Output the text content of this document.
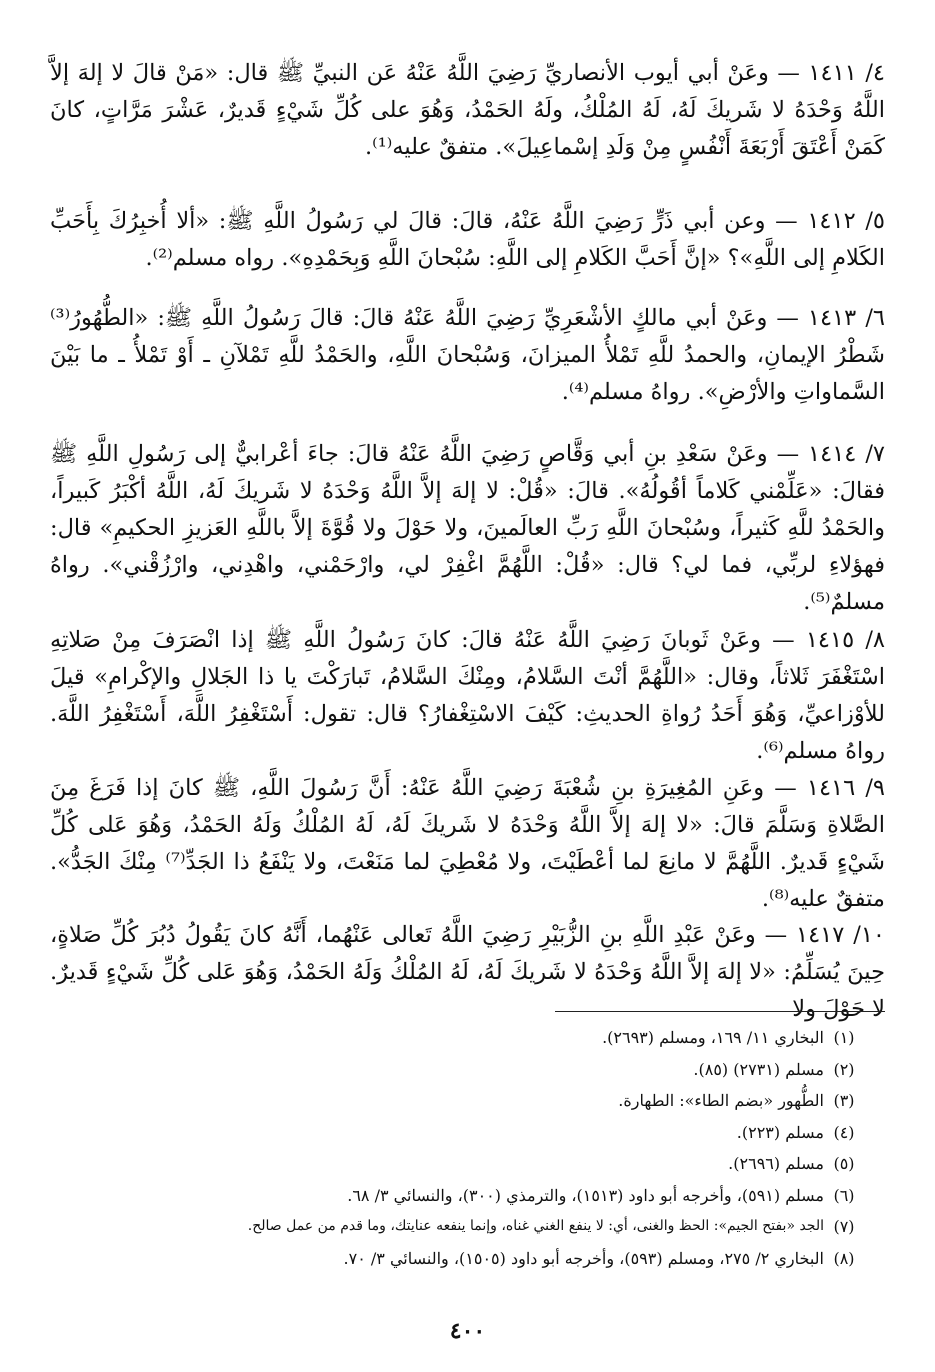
٤/ ١٤١١ — وعَنْ أبي أيوب الأنصاريِّ رَضِيَ اللَّهُ عَنْهُ عَن النبيِّ ﷺ قال: «مَنْ قالَ لا إلهَ إلاَّ اللَّهُ وَحْدَهُ لا شَريكَ لَهُ، لَهُ المُلْكُ، ولَهُ الحَمْدُ، وَهُوَ على كُلِّ شَيْءٍ قَديرٌ، عَشْرَ مَرَّاتٍ، كانَ كَمَنْ أَعْتَقَ أَرْبَعَةَ أَنْفُسٍ مِنْ وَلَدِ إسْماعِيلَ». متفقٌ عليه⁽¹⁾.

٥/ ١٤١٢ — وعن أبي ذَرٍّ رَضِيَ اللَّهُ عَنْهُ، قالَ: قالَ لي رَسُولُ اللَّهِ ﷺ: «ألا أُخبِرُكَ بِأَحَبِّ الكَلامِ إلى اللَّهِ»؟ «إنَّ أَحَبَّ الكَلامِ إلى اللَّهِ: سُبْحانَ اللَّهِ وَبِحَمْدِهِ». رواه مسلم⁽²⁾.

٦/ ١٤١٣ — وعَنْ أبي مالكٍ الأشْعَرِيِّ رَضِيَ اللَّهُ عَنْهُ قالَ: قالَ رَسُولُ اللَّهِ ﷺ: «الطُّهُورُ⁽³⁾ شَطْرُ الإيمانِ، والحمدُ للَّهِ تَمْلأُ الميزانَ، وَسُبْحانَ اللَّهِ، والحَمْدُ للَّهِ تَمْلآنِ ـ أَوْ تَمْلأُ ـ ما بَيْنَ السَّماواتِ والأرْضِ». رواهُ مسلم⁽⁴⁾.

٧/ ١٤١٤ — وعَنْ سَعْدِ بنِ أبي وَقَّاصٍ رَضِيَ اللَّهُ عَنْهُ قالَ: جاءَ أعْرابيٌّ إلى رَسُولِ اللَّهِ ﷺ فقالَ: «عَلِّمْني كَلاماً أقُولُهُ». قالَ: «قُلْ: لا إلهَ إلاَّ اللَّهُ وَحْدَهُ لا شَريكَ لَهُ، اللَّهُ أكْبَرُ كَبيراً، والحَمْدُ للَّهِ كَثيراً، وسُبْحانَ اللَّهِ رَبِّ العالَمينَ، ولا حَوْلَ ولا قُوَّةَ إلاَّ باللَّهِ العَزيزِ الحكيمِ» قال: فهؤلاءِ لربِّي، فما لي؟ قال: «قُلْ: اللَّهُمَّ اغْفِرْ لي، وارْحَمْني، واهْدِني، وارْزُقْني». رواهُ مسلمٌ⁽⁵⁾.

٨/ ١٤١٥ — وعَنْ ثَوبانَ رَضِيَ اللَّهُ عَنْهُ قالَ: كانَ رَسُولُ اللَّهِ ﷺ إذا انْصَرَفَ مِنْ صَلاتِهِ اسْتَغْفَرَ ثَلاثاً، وقال: «اللَّهُمَّ أنْتَ السَّلامُ، ومِنْكَ السَّلامُ، تَبارَكْتَ يا ذا الجَلالِ والإكْرامِ» قيلَ للأوْزاعيِّ، وَهُوَ أَحَدُ رُواةِ الحديثِ: كَيْفَ الاسْتِغْفارُ؟ قال: تقول: أَسْتَغْفِرُ اللَّهَ، أَسْتَغْفِرُ اللَّهَ. رواهُ مسلم⁽⁶⁾.

٩/ ١٤١٦ — وعَنِ المُغِيرَةِ بنِ شُعْبَةَ رَضِيَ اللَّهُ عَنْهُ: أَنَّ رَسُولَ اللَّهِ، ﷺ كانَ إذا فَرَغَ مِنَ الصَّلاةِ وَسَلَّمَ قالَ: «لا إلهَ إلاَّ اللَّهُ وَحْدَهُ لا شَريكَ لَهُ، لَهُ المُلْكُ وَلَهُ الحَمْدُ، وَهُوَ عَلى كُلِّ شَيْءٍ قَديرٌ. اللَّهُمَّ لا مانِعَ لما أعْطَيْتَ، ولا مُعْطِيَ لما مَنَعْتَ، ولا يَنْفَعُ ذا الجَدِّ⁽⁷⁾ مِنْكَ الجَدُّ». متفقٌ عليه⁽⁸⁾.

١٠/ ١٤١٧ — وعَنْ عَبْدِ اللَّهِ بنِ الزُّبَيْرِ رَضِيَ اللَّهُ تَعالى عَنْهُما، أَنَّهُ كانَ يَقُولُ دُبُرَ كُلِّ صَلاةٍ، حِينَ يُسَلِّمُ: «لا إلهَ إلاَّ اللَّهُ وَحْدَهُ لا شَريكَ لَهُ، لَهُ المُلْكُ وَلَهُ الحَمْدُ، وَهُوَ عَلى كُلِّ شَيْءٍ قَديرٌ. لا حَوْلَ ولا

(١)
البخاري ١١/ ١٦٩، ومسلم (٢٦٩٣).
(٢)
مسلم (٢٧٣١) (٨٥).
(٣)
الطُّهور «بضم الطاء»: الطهارة.
(٤)
مسلم (٢٢٣).
(٥)
مسلم (٢٦٩٦).
(٦)
مسلم (٥٩١)، وأخرجه أبو داود (١٥١٣)، والترمذي (٣٠٠)، والنسائي ٣/ ٦٨.
(٧)
الجد «بفتح الجيم»: الحظ والغنى، أي: لا ينفع الغني غناه، وإنما ينفعه عنايتك، وما قدم من عمل صالح.
(٨)
البخاري ٢/ ٢٧٥، ومسلم (٥٩٣)، وأخرجه أبو داود (١٥٠٥)، والنسائي ٣/ ٧٠.
٤٠٠
